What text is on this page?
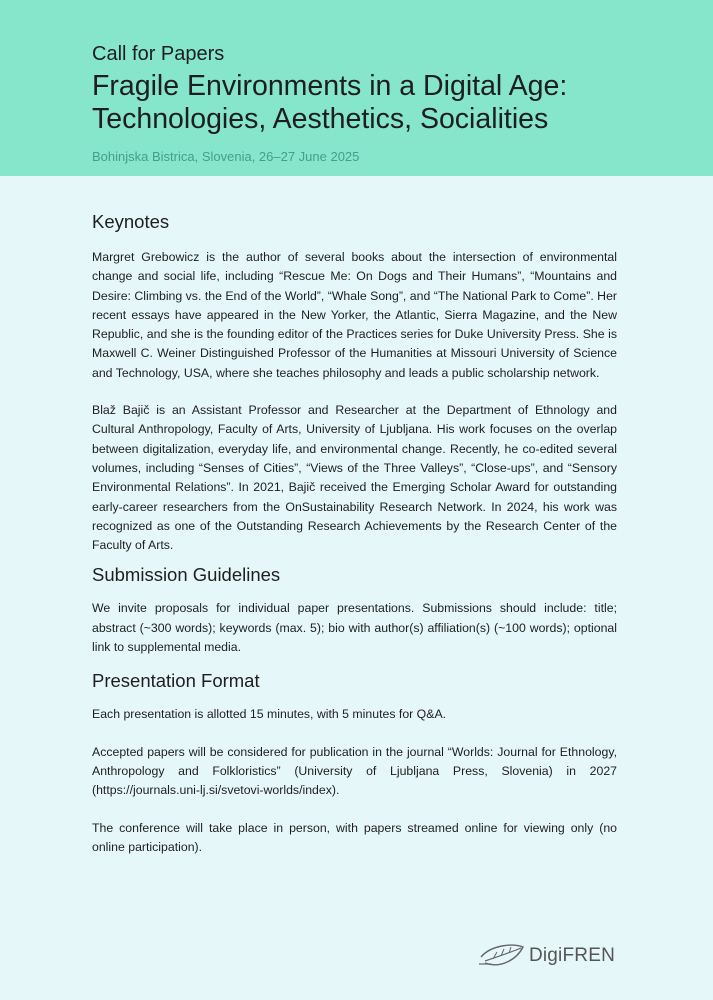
Call for Papers

Fragile Environments in a Digital Age:
Technologies, Aesthetics, Socialities

Bohinjska Bistrica, Slovenia, 26–27 June 2025

Keynotes

Margret Grebowicz is the author of several books about the intersection of environmental change and social life, including “Rescue Me: On Dogs and Their Humans”, “Mountains and Desire: Climbing vs. the End of the World”, “Whale Song”, and “The National Park to Come”. Her recent essays have appeared in the New Yorker, the Atlantic, Sierra Magazine, and the New Republic, and she is the founding editor of the Practices series for Duke University Press. She is Maxwell C. Weiner Distinguished Professor of the Humanities at Missouri University of Science and Technology, USA, where she teaches philosophy and leads a public scholarship network.

Blaž Bajič is an Assistant Professor and Researcher at the Department of Ethnology and Cultural Anthropology, Faculty of Arts, University of Ljubljana. His work focuses on the overlap between digitalization, everyday life, and environmental change. Recently, he co-edited several volumes, including “Senses of Cities”, “Views of the Three Valleys”, “Close-ups”, and “Sensory Environmental Relations”. In 2021, Bajič received the Emerging Scholar Award for outstanding early-career researchers from the OnSustainability Research Network. In 2024, his work was recognized as one of the Outstanding Research Achievements by the Research Center of the Faculty of Arts.

Submission Guidelines

We invite proposals for individual paper presentations. Submissions should include: title; abstract (~300 words); keywords (max. 5); bio with author(s) affiliation(s) (~100 words); optional link to supplemental media.

Presentation Format

Each presentation is allotted 15 minutes, with 5 minutes for Q&A.

Accepted papers will be considered for publication in the journal “Worlds: Journal for Ethnology, Anthropology and Folkloristics” (University of Ljubljana Press, Slovenia) in 2027 (https://journals.uni-lj.si/svetovi-worlds/index).

The conference will take place in person, with papers streamed online for viewing only (no online participation).

DigiFREN
